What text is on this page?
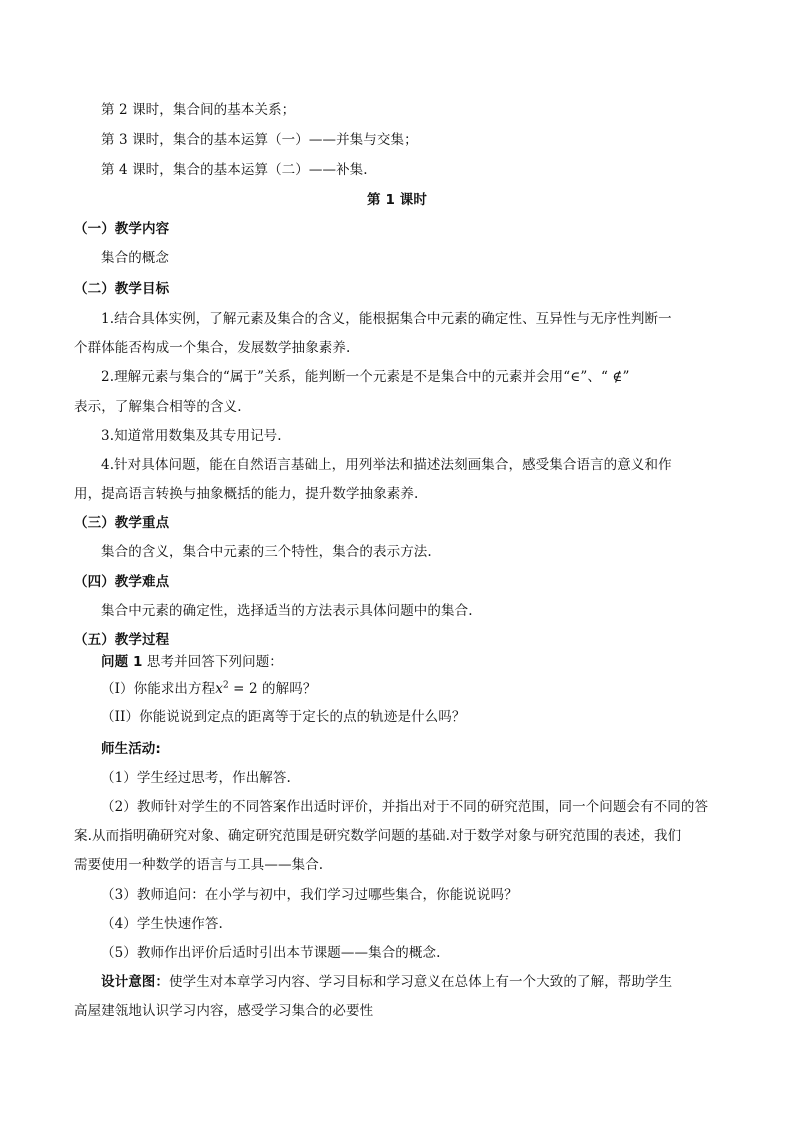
第 2 课时，集合间的基本关系；
第 3 课时，集合的基本运算（一）——并集与交集；
第 4 课时，集合的基本运算（二）——补集.
第 1 课时
（一）教学内容
集合的概念
（二）教学目标
1.结合具体实例，了解元素及集合的含义，能根据集合中元素的确定性、互异性与无序性判断一
个群体能否构成一个集合，发展数学抽象素养.
2.理解元素与集合的“属于”关系，能判断一个元素是不是集合中的元素并会用“∈”、“ ∉”
表示，了解集合相等的含义.
3.知道常用数集及其专用记号.
4.针对具体问题，能在自然语言基础上，用列举法和描述法刻画集合，感受集合语言的意义和作
用，提高语言转换与抽象概括的能力，提升数学抽象素养.
（三）教学重点
集合的含义，集合中元素的三个特性，集合的表示方法.
（四）教学难点
集合中元素的确定性，选择适当的方法表示具体问题中的集合.
（五）教学过程
问题 1 思考并回答下列问题：
（I）你能求出方程$x^2 = 2$ 的解吗？
（II）你能说说到定点的距离等于定长的点的轨迹是什么吗？
师生活动:
（1）学生经过思考，作出解答.
（2）教师针对学生的不同答案作出适时评价，并指出对于不同的研究范围，同一个问题会有不同的答
案.从而指明确研究对象、确定研究范围是研究数学问题的基础.对于数学对象与研究范围的表述，我们
需要使用一种数学的语言与工具——集合.
（3）教师追问：在小学与初中，我们学习过哪些集合，你能说说吗？
（4）学生快速作答.
（5）教师作出评价后适时引出本节课题——集合的概念.
设计意图：使学生对本章学习内容、学习目标和学习意义在总体上有一个大致的了解，帮助学生
高屋建瓴地认识学习内容，感受学习集合的必要性
